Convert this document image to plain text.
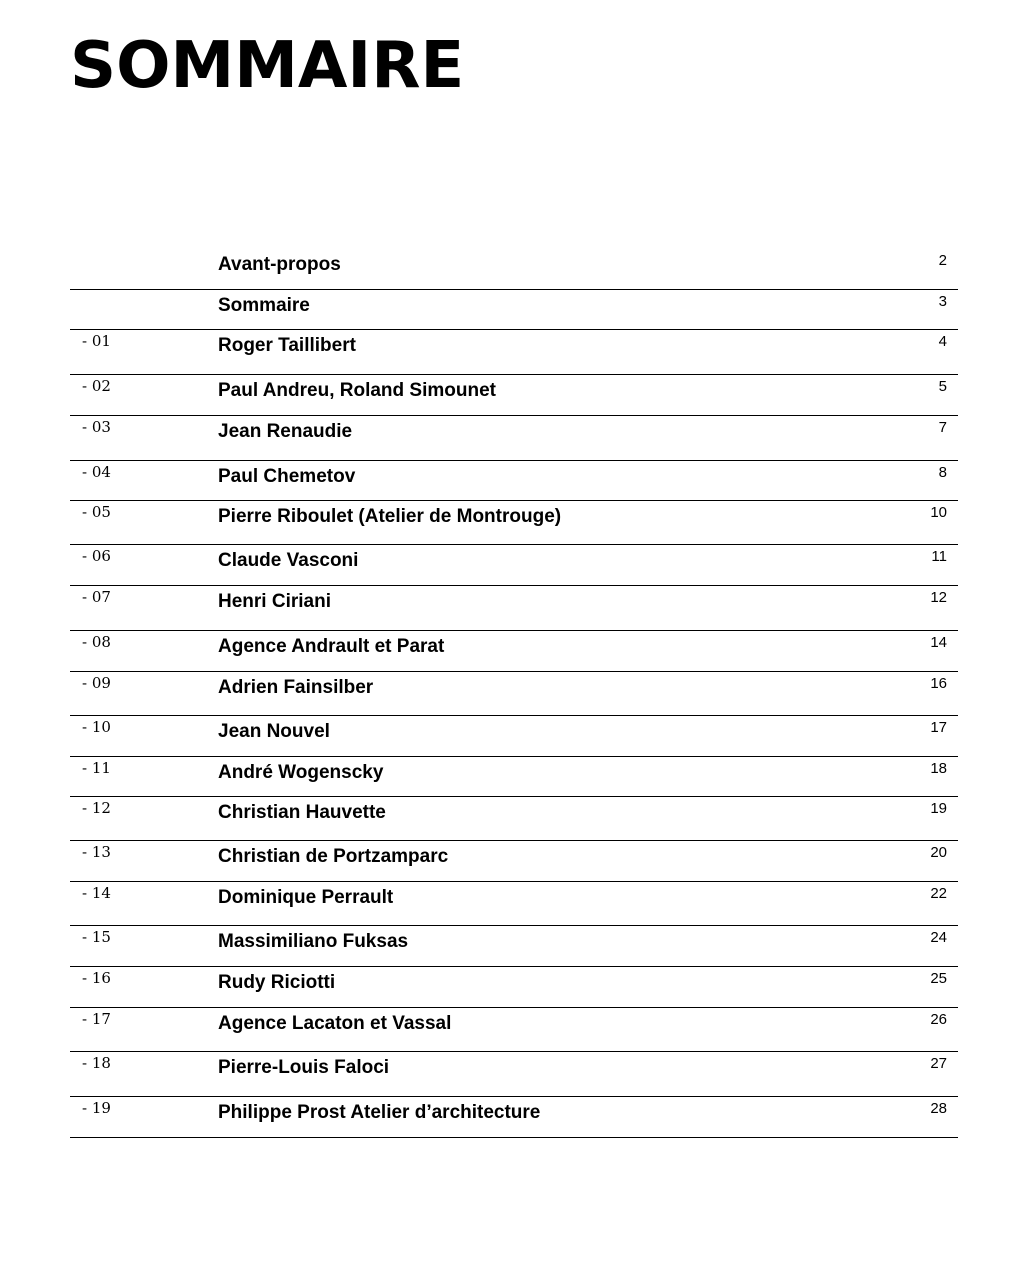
SOMMAIRE
Avant-propos	2
Sommaire	3
- 01	Roger Taillibert	4
- 02	Paul Andreu, Roland Simounet	5
- 03	Jean Renaudie	7
- 04	Paul Chemetov	8
- 05	Pierre Riboulet (Atelier de Montrouge)	10
- 06	Claude Vasconi	11
- 07	Henri Ciriani	12
- 08	Agence Andrault et Parat	14
- 09	Adrien Fainsilber	16
- 10	Jean Nouvel	17
- 11	André Wogenscky	18
- 12	Christian Hauvette	19
- 13	Christian de Portzamparc	20
- 14	Dominique Perrault	22
- 15	Massimiliano Fuksas	24
- 16	Rudy Riciotti	25
- 17	Agence Lacaton et Vassal	26
- 18	Pierre-Louis Faloci	27
- 19	Philippe Prost Atelier d’architecture	28
